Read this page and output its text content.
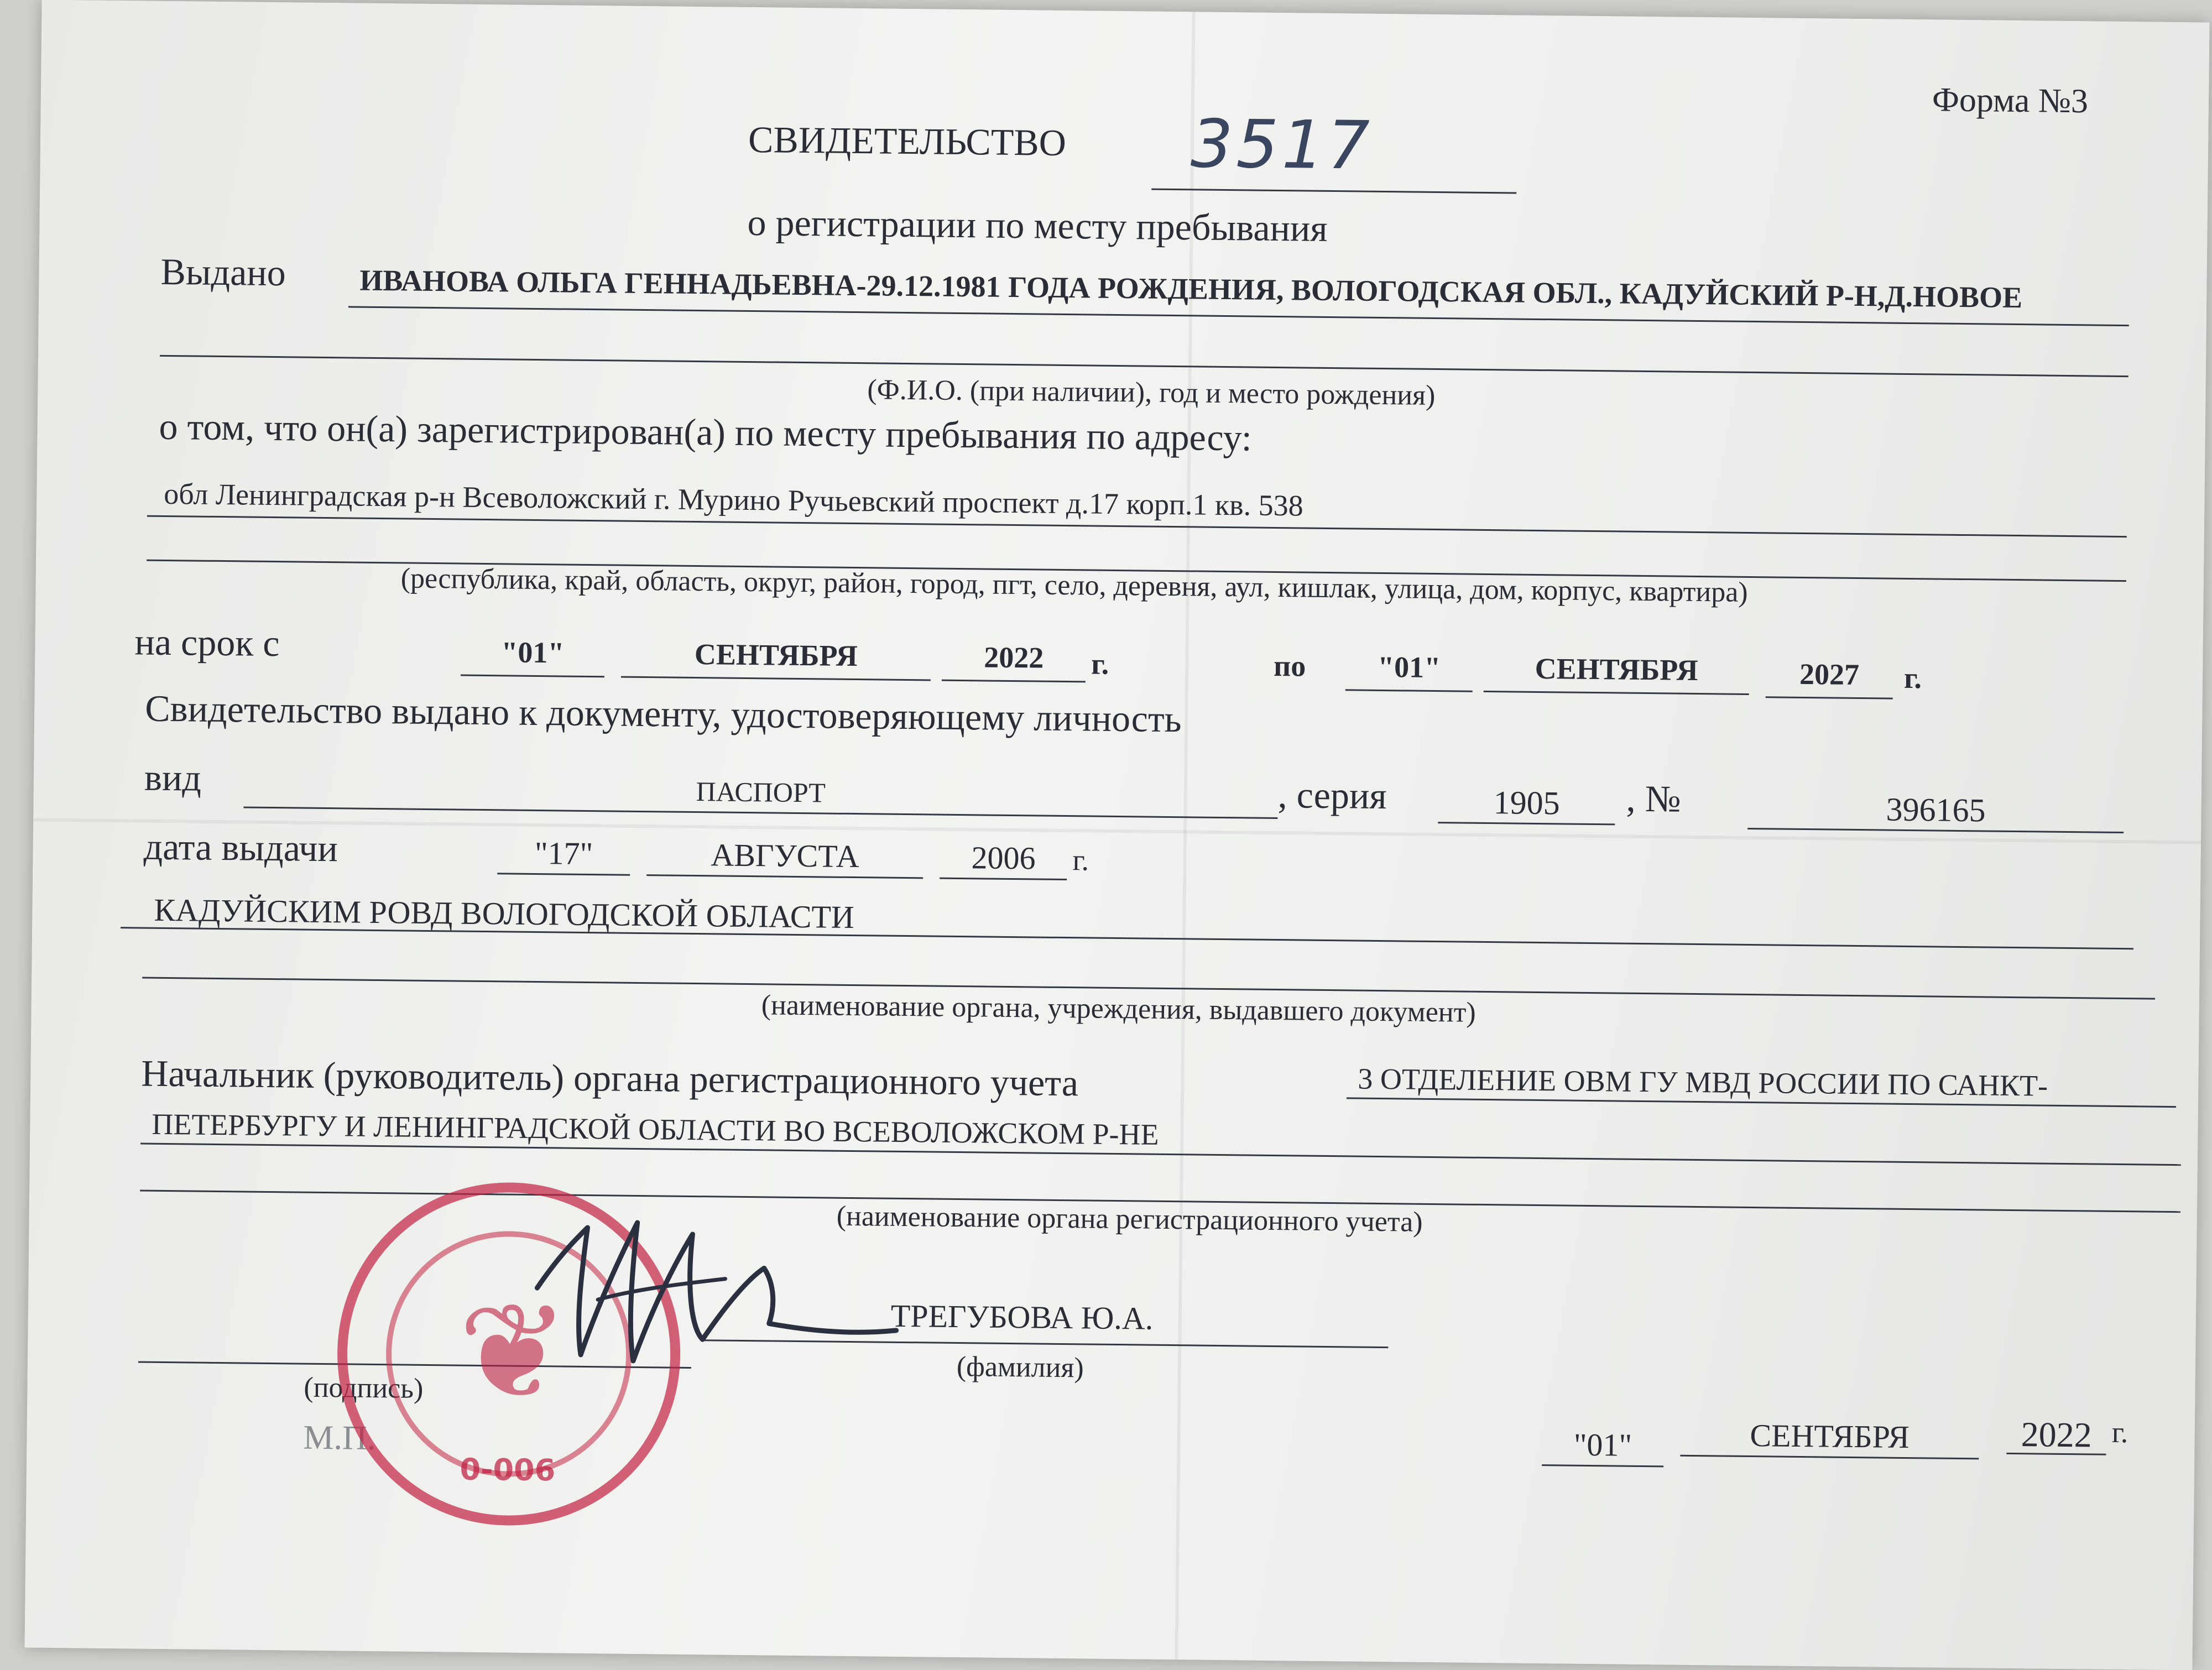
Форма №3
СВИДЕТЕЛЬСТВО 3517
о регистрации по месту пребывания
Выдано ИВАНОВА ОЛЬГА ГЕННАДЬЕВНА-29.12.1981 ГОДА РОЖДЕНИЯ, ВОЛОГОДСКАЯ ОБЛ., КАДУЙСКИЙ Р-Н,Д.НОВОЕ
(Ф.И.О. (при наличии), год и место рождения)
о том, что он(а) зарегистрирован(а) по месту пребывания по адресу:
обл Ленинградская р-н Всеволожский г. Мурино Ручьевский проспект д.17 корп.1 кв. 538
(республика, край, область, округ, район, город, пгт, село, деревня, аул, кишлак, улица, дом, корпус, квартира)
на срок с	"01"	СЕНТЯБРЯ	2022	г.	по	"01"	СЕНТЯБРЯ	2027	г.
Свидетельство выдано к документу, удостоверяющему личность
вид	ПАСПОРТ	, серия	1905	, №	396165
дата выдачи	"17"	АВГУСТА	2006	г.
КАДУЙСКИМ РОВД ВОЛОГОДСКОЙ ОБЛАСТИ
(наименование органа, учреждения, выдавшего документ)
Начальник (руководитель) органа регистрационного учета	3 ОТДЕЛЕНИЕ ОВМ ГУ МВД РОССИИ ПО САНКТ-
ПЕТЕРБУРГУ И ЛЕНИНГРАДСКОЙ ОБЛАСТИ ВО ВСЕВОЛОЖСКОМ Р-НЕ
(наименование органа регистрационного учета)
ТРЕГУБОВА Ю.А.
(подпись)
(фамилия)
М.П.	"01"	СЕНТЯБРЯ	2022 г.
❦
0-006
